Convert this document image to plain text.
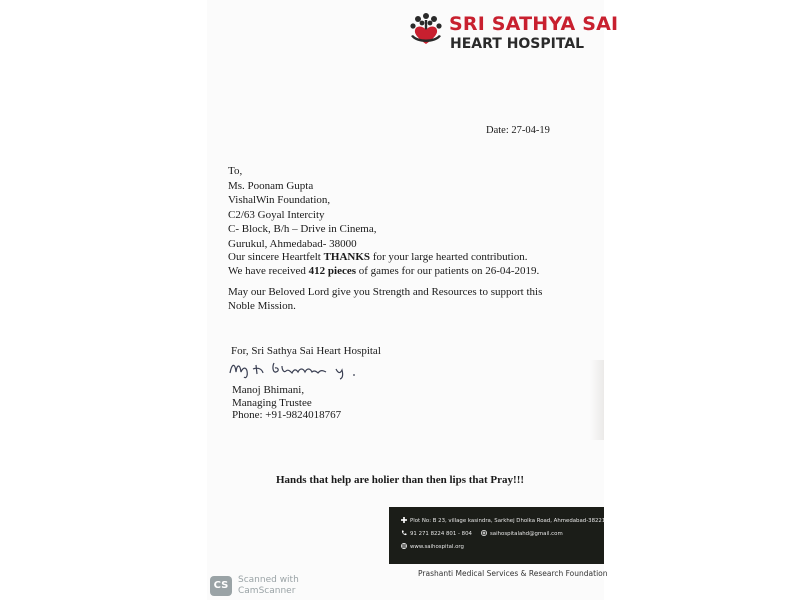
SRI SATHYA SAI
HEART HOSPITAL
Date: 27-04-19
To,
Ms. Poonam Gupta
VishalWin Foundation,
C2/63 Goyal Intercity
C- Block, B/h – Drive in Cinema,
Gurukul, Ahmedabad- 38000
Our sincere Heartfelt THANKS for your large hearted contribution.
We have received 412 pieces of games for our patients on 26-04-2019.
May our Beloved Lord give you Strength and Resources to support this
Noble Mission.
For, Sri Sathya Sai Heart Hospital
Manoj Bhimani,
Managing Trustee
Phone: +91-9824018767
Hands that help are holier than then lips that Pray!!!
Plot No: B 23, village kasindra, Sarkhej Dholka Road, Ahmedabad-38221
91 271 8224 801 - 804	saihospitalahd@gmail.com
www.saihospital.org
Prashanti Medical Services & Research Foundation
CS	Scanned with
CamScanner
